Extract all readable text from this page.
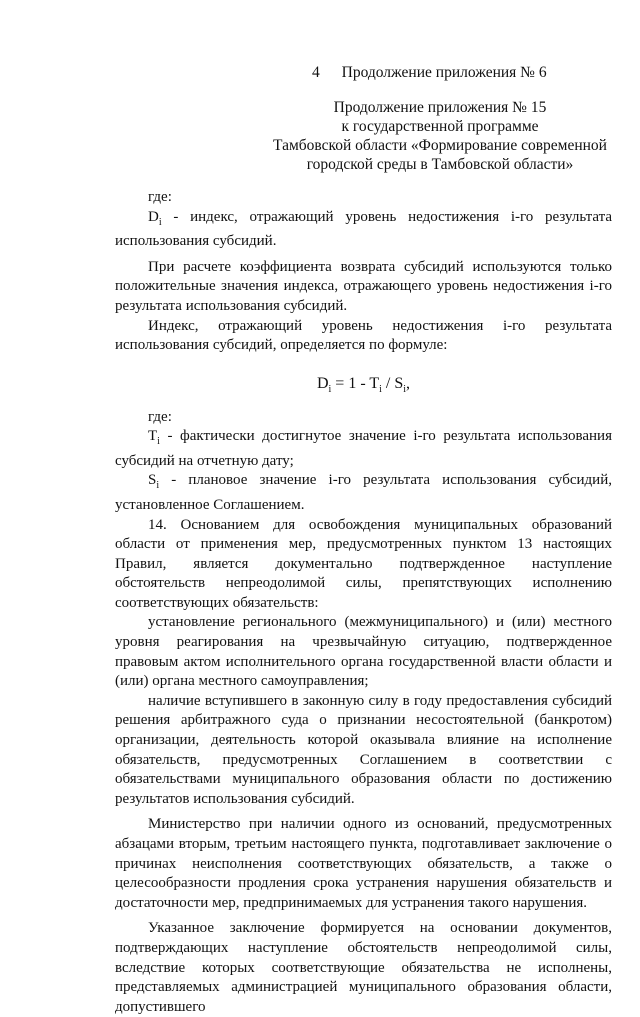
4 Продолжение приложения № 6
Продолжение приложения № 15
к государственной программе
Тамбовской области «Формирование современной
городской среды в Тамбовской области»

где:

$D_i$ - индекс, отражающий уровень недостижения i-го результата использования субсидий.

При расчете коэффициента возврата субсидий используются только положительные значения индекса, отражающего уровень недостижения i-го результата использования субсидий.

Индекс, отражающий уровень недостижения i-го результата использования субсидий, определяется по формуле:

$D_i = 1 - T_i / S_i$,

где:

$T_i$ - фактически достигнутое значение i-го результата использования субсидий на отчетную дату;

$S_i$ - плановое значение i-го результата использования субсидий, установленное Соглашением.

14. Основанием для освобождения муниципальных образований области от применения мер, предусмотренных пунктом 13 настоящих Правил, является документально подтвержденное наступление обстоятельств непреодолимой силы, препятствующих исполнению соответствующих обязательств:

установление регионального (межмуниципального) и (или) местного уровня реагирования на чрезвычайную ситуацию, подтвержденное правовым актом исполнительного органа государственной власти области и (или) органа местного самоуправления;

наличие вступившего в законную силу в году предоставления субсидий решения арбитражного суда о признании несостоятельной (банкротом) организации, деятельность которой оказывала влияние на исполнение обязательств, предусмотренных Соглашением в соответствии с обязательствами муниципального образования области по достижению результатов использования субсидий.

Министерство при наличии одного из оснований, предусмотренных абзацами вторым, третьим настоящего пункта, подготавливает заключение о причинах неисполнения соответствующих обязательств, а также о целесообразности продления срока устранения нарушения обязательств и достаточности мер, предпринимаемых для устранения такого нарушения.

Указанное заключение формируется на основании документов, подтверждающих наступление обстоятельств непреодолимой силы, вследствие которых соответствующие обязательства не исполнены, представляемых администрацией муниципального образования области, допустившего
